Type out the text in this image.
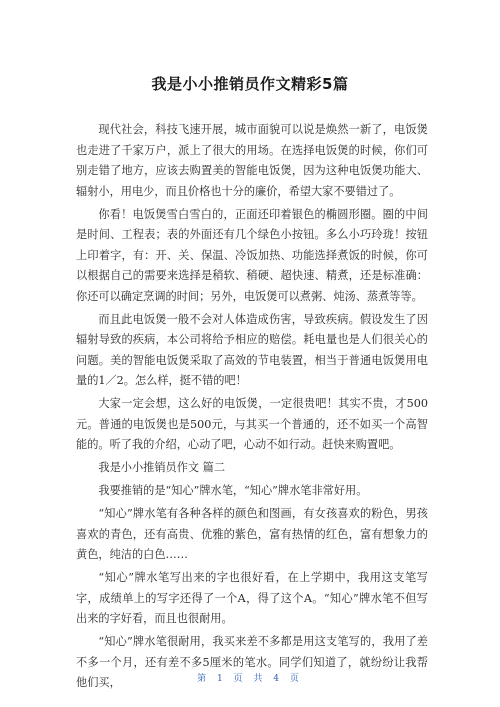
我是小小推销员作文精彩5篇

现代社会，科技飞速开展，城市面貌可以说是焕然一新了，电饭煲也走进了千家万户，派上了很大的用场。在选择电饭煲的时候，你们可别走错了地方，应该去购置美的智能电饭煲，因为这种电饭煲功能大、辐射小，用电少，而且价格也十分的廉价，希望大家不要错过了。

你看！电饭煲雪白雪白的，正面还印着银色的椭圆形圈。圈的中间是时间、工程表；表的外面还有几个绿色小按钮。多么小巧玲珑！按钮上印着字，有：开、关、保温、冷饭加热、功能选择煮饭的时候，你可以根据自己的需要来选择是稍软、稍硬、超快速、精煮，还是标准确：你还可以确定烹调的时间；另外，电饭煲可以煮粥、炖汤、蒸煮等等。

而且此电饭煲一般不会对人体造成伤害，导致疾病。假设发生了因辐射导致的疾病，本公司将给予相应的赔偿。耗电量也是人们很关心的问题。美的智能电饭煲采取了高效的节电装置，相当于普通电饭煲用电量的1／2。怎么样，挺不错的吧！

大家一定会想，这么好的电饭煲，一定很贵吧！其实不贵，才500元。普通的电饭煲也是500元，与其买一个普通的，还不如买一个高智能的。听了我的介绍，心动了吧，心动不如行动。赶快来购置吧。

我是小小推销员作文 篇二

我要推销的是“知心”牌水笔，“知心”牌水笔非常好用。

“知心”牌水笔有各种各样的颜色和图画，有女孩喜欢的粉色，男孩喜欢的青色，还有高贵、优雅的紫色，富有热情的红色，富有想象力的黄色，纯洁的白色……

“知心”牌水笔写出来的字也很好看，在上学期中，我用这支笔写字，成绩单上的写字还得了一个A，得了这个A。“知心”牌水笔不但写出来的字好看，而且也很耐用。

“知心”牌水笔很耐用，我买来差不多都是用这支笔写的，我用了差不多一个月，还有差不多5厘米的笔水。同学们知道了，就纷纷让我帮他们买，	第 1 页 共 4 页
